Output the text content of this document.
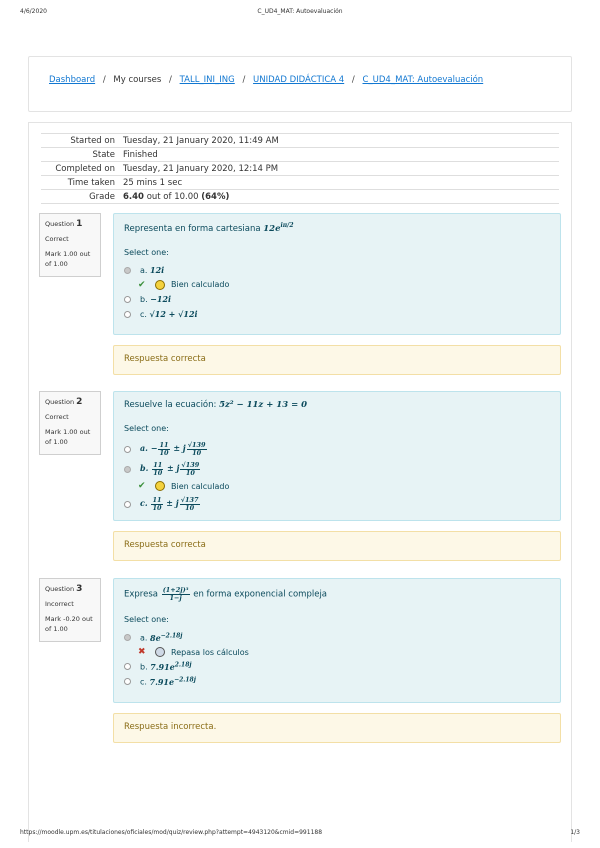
4/6/2020	C_UD4_MAT: Autoevaluación
Dashboard / My courses / TALL_INI_ING / UNIDAD DIDÁCTICA 4 / C_UD4_MAT: Autoevaluación
Started on	Tuesday, 21 January 2020, 11:49 AM
State	Finished
Completed on	Tuesday, 21 January 2020, 12:14 PM
Time taken	25 mins 1 sec
Grade	6.40 out of 10.00 (64%)
Question 1
Correct
Mark 1.00 out of 1.00
Representa en forma cartesiana $12e^{i\pi/2}$
Select one:
a. 12i
✔	Bien calculado
b. −12i
c. √12 + √12i
Respuesta correcta
Question 2
Correct
Mark 1.00 out of 1.00
Resuelve la ecuación: 5z² − 11z + 13 = 0
Select one:
a. − $\frac{11}{10} \pm j \frac{√139}{10}$
b. $\frac{11}{10} \pm j \frac{√139}{10}$
✔	Bien calculado
c. $\frac{11}{10} \pm j \frac{√137}{10}$
Respuesta correcta
Question 3
Incorrect
Mark -0.20 out of 1.00
Expresa $\frac{\text{(1+2j)³}}{1-j}$ en forma exponencial compleja
Select one:
a. $8e^{-2.18j}$
✖	Repasa los cálculos
b. $7.91e^{2.18j}$
c. $7.91e^{-2.18j}$
Respuesta incorrecta.
https://moodle.upm.es/titulaciones/oficiales/mod/quiz/review.php?attempt=4943120&cmid=991188	1/3
